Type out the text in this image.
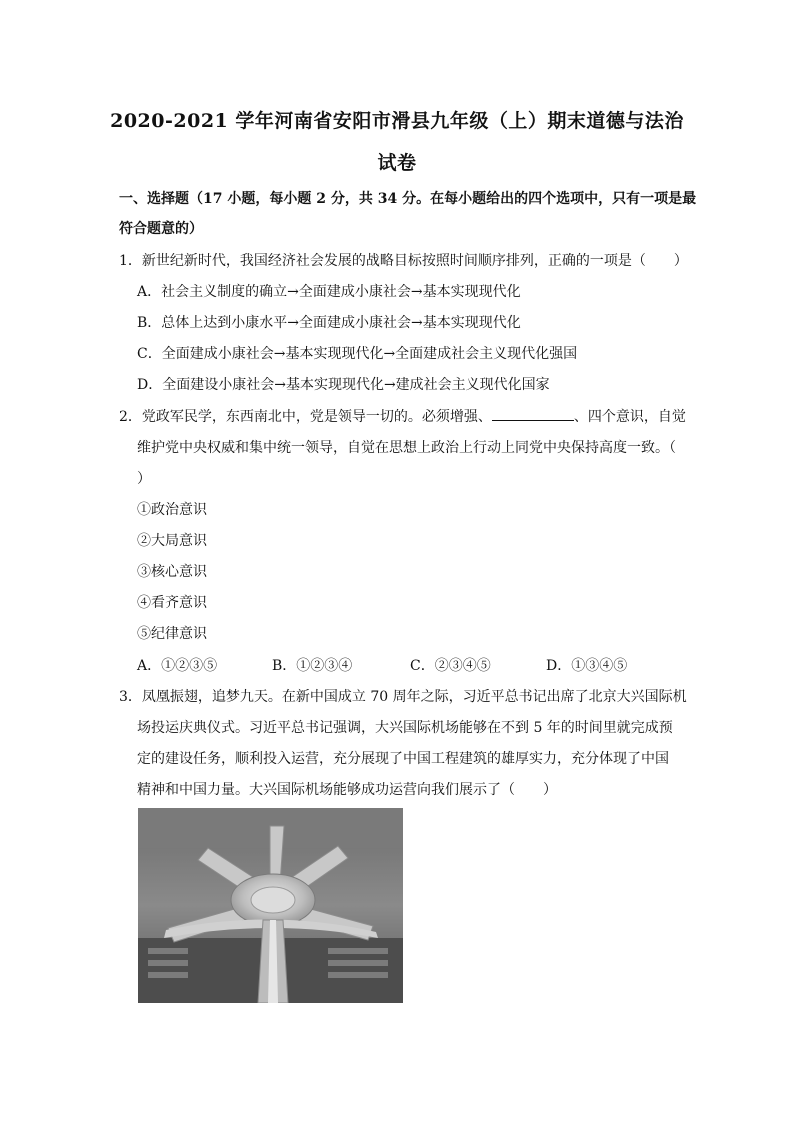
2020-2021 学年河南省安阳市滑县九年级（上）期末道德与法治
试卷
一、选择题（17 小题，每小题 2 分，共 34 分。在每小题给出的四个选项中，只有一项是最
符合题意的）
1．新世纪新时代，我国经济社会发展的战略目标按照时间顺序排列，正确的一项是（　　）
A．社会主义制度的确立→全面建成小康社会→基本实现现代化
B．总体上达到小康水平→全面建成小康社会→基本实现现代化
C．全面建成小康社会→基本实现现代化→全面建成社会主义现代化强国
D．全面建设小康社会→基本实现现代化→建成社会主义现代化国家
2．党政军民学，东西南北中，党是领导一切的。必须增强、	、四个意识，自觉
维护党中央权威和集中统一领导，自觉在思想上政治上行动上同党中央保持高度一致。（
）
①政治意识
②大局意识
③核心意识
④看齐意识
⑤纪律意识
A．①②③⑤	B．①②③④	C．②③④⑤	D．①③④⑤
3．凤凰振翅，追梦九天。在新中国成立 70 周年之际，习近平总书记出席了北京大兴国际机
场投运庆典仪式。习近平总书记强调，大兴国际机场能够在不到 5 年的时间里就完成预
定的建设任务，顺利投入运营，充分展现了中国工程建筑的雄厚实力，充分体现了中国
精神和中国力量。大兴国际机场能够成功运营向我们展示了（　　）
